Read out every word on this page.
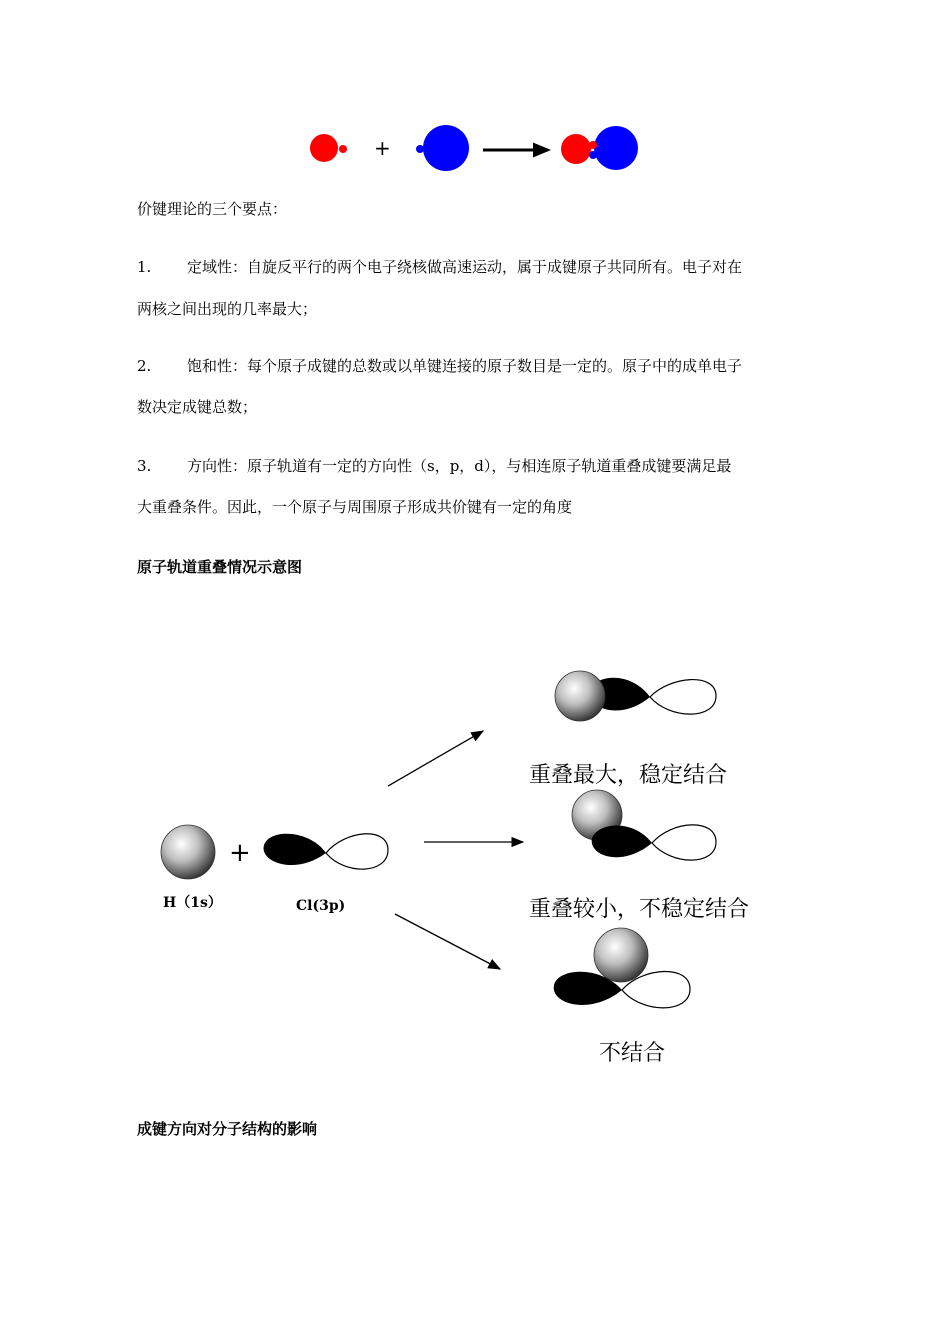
+
价键理论的三个要点：
1. 定域性：自旋反平行的两个电子绕核做高速运动，属于成键原子共同所有。电子对在
两核之间出现的几率最大；
2. 饱和性：每个原子成键的总数或以单键连接的原子数目是一定的。原子中的成单电子
数决定成键总数；
3. 方向性：原子轨道有一定的方向性（s，p，d），与相连原子轨道重叠成键要满足最
大重叠条件。因此，一个原子与周围原子形成共价键有一定的角度
原子轨道重叠情况示意图
+
H（1s）	Cl(3p)
重叠最大，稳定结合
重叠较小，不稳定结合
不结合
成键方向对分子结构的影响
